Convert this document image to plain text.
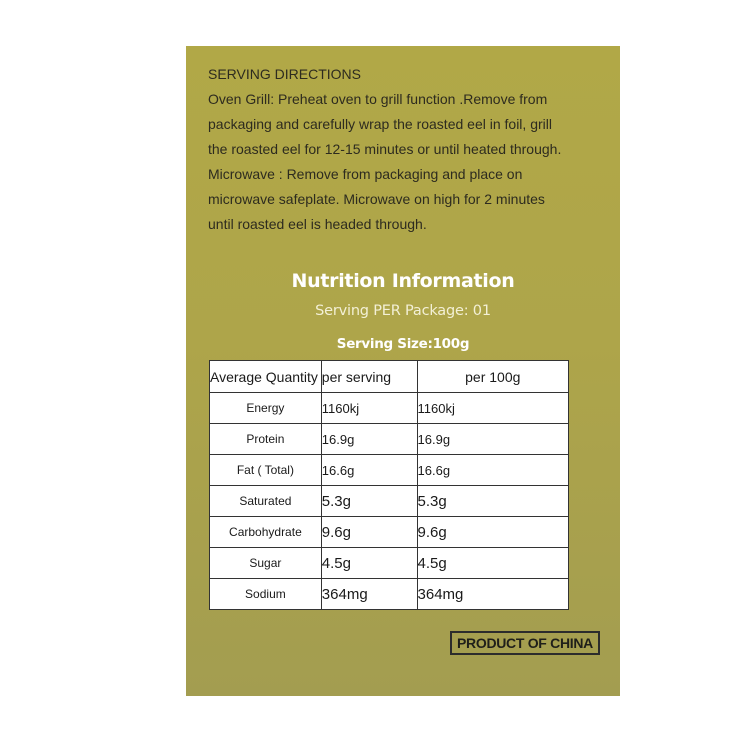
SERVING DIRECTIONS
Oven Grill: Preheat oven to grill function .Remove from
packaging and carefully wrap the roasted eel in foil, grill
the roasted eel for 12-15 minutes or until heated through.
Microwave : Remove from packaging and place on
microwave safeplate. Microwave on high for 2 minutes
until roasted eel is headed through.
Nutrition Information
Serving PER Package: 01
Serving Size:100g
Average Quantity	per serving	per 100g
Energy	1160kj	1160kj
Protein	16.9g	16.9g
Fat ( Total)	16.6g	16.6g
Saturated	5.3g	5.3g
Carbohydrate	9.6g	9.6g
Sugar	4.5g	4.5g
Sodium	364mg	364mg
PRODUCT OF CHINA
